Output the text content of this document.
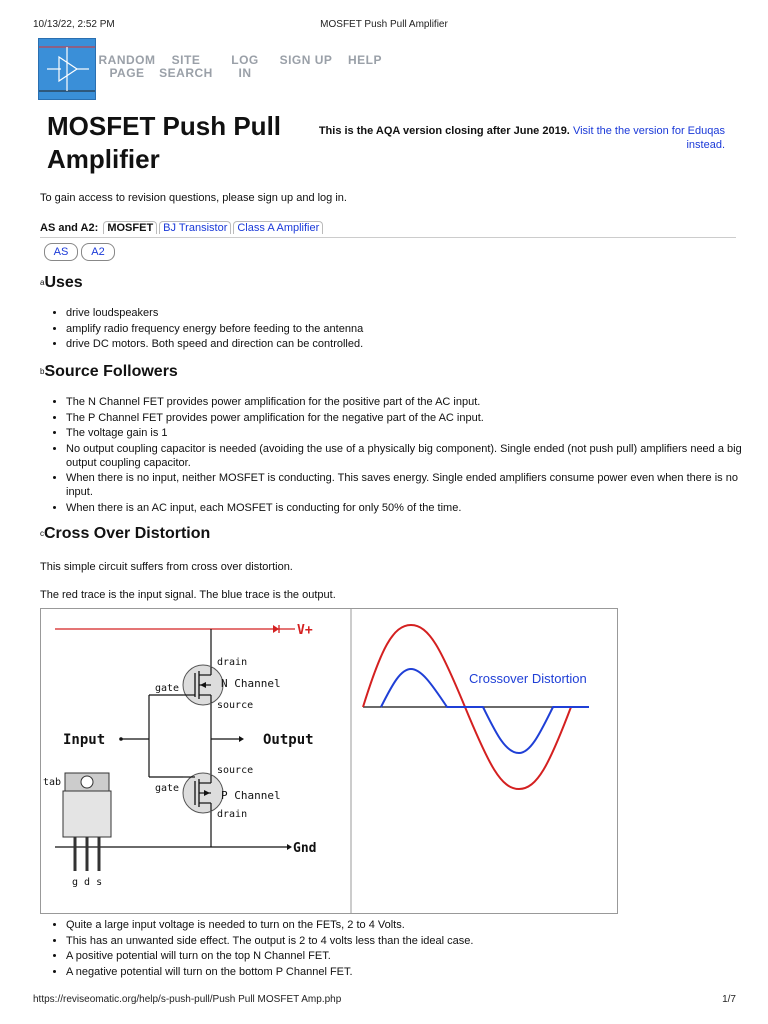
10/13/22, 2:52 PM	MOSFET Push Pull Amplifier
RANDOM PAGE
SITE SEARCH
LOG IN
SIGN UP	HELP
MOSFET Push Pull Amplifier
This is the AQA version closing after June 2019. Visit the the version for Eduqas instead.

To gain access to revision questions, please sign up and log in.

AS and A2: MOSFET BJ Transistor Class A Amplifier
AS	A2
$^a$Uses
• drive loudspeakers
• amplify radio frequency energy before feeding to the antenna
• drive DC motors. Both speed and direction can be controlled.
$^b$Source Followers
• The N Channel FET provides power amplification for the positive part of the AC input.
• The P Channel FET provides power amplification for the negative part of the AC input.
• The voltage gain is 1
• No output coupling capacitor is needed (avoiding the use of a physically big component). Single ended (not push pull) amplifiers need a big output coupling capacitor.
• When there is no input, neither MOSFET is conducting. This saves energy. Single ended amplifiers consume power even when there is no input.
• When there is an AC input, each MOSFET is conducting for only 50% of the time.
$^c$Cross Over Distortion

This simple circuit suffers from cross over distortion.

The red trace is the input signal. The blue trace is the output.

V+
drain
gate	N Channel
source
Input	Output
source
gate
P Channel
drain
Gnd
tab
g d s
Crossover Distortion
• Quite a large input voltage is needed to turn on the FETs, 2 to 4 Volts.
• This has an unwanted side effect. The output is 2 to 4 volts less than the ideal case.
• A positive potential will turn on the top N Channel FET.
• A negative potential will turn on the bottom P Channel FET.
https://reviseomatic.org/help/s-push-pull/Push Pull MOSFET Amp.php	1/7
